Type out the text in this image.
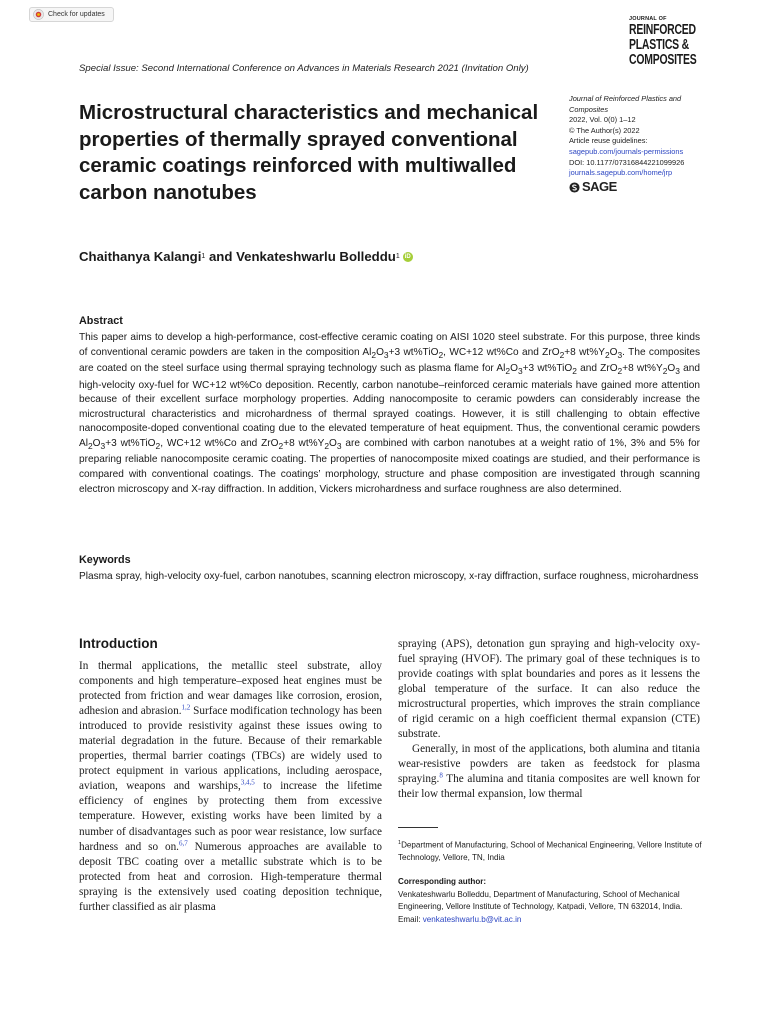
Check for updates
JOURNAL OF
REINFORCED
PLASTICS &
COMPOSITES
Special Issue: Second International Conference on Advances in Materials Research 2021 (Invitation Only)
Microstructural characteristics and mechanical properties of thermally sprayed conventional ceramic coatings reinforced with multiwalled carbon nanotubes
Journal of Reinforced Plastics and Composites
2022, Vol. 0(0) 1–12
© The Author(s) 2022
Article reuse guidelines:
sagepub.com/journals-permissions
DOI: 10.1177/07316844221099926
journals.sagepub.com/home/jrp
SAGE
Chaithanya Kalangi 1 and Venkateshwarlu Bolleddu 1 iD
Abstract
This paper aims to develop a high-performance, cost-effective ceramic coating on AISI 1020 steel substrate. For this purpose, three kinds of conventional ceramic powders are taken in the composition $Al_2O_3+3$ wt%TiO$_2$, WC+12 wt%Co and ZrO$_2$+8 $wt\%Y_2O_3$. The composites are coated on the steel surface using thermal spraying technology such as plasma flame for $Al_2O_3+3$ wt%TiO$_2$ and ZrO$_2$+8 $wt\%Y_2O_3$ and high-velocity oxy-fuel for WC+12 wt%Co deposition. Recently, carbon nanotube–reinforced ceramic materials have gained more attention because of their excellent surface morphology properties. Adding nanocomposite to ceramic powders can considerably increase the microstructural characteristics and microhardness of thermal sprayed coatings. However, it is still challenging to obtain effective nanocomposite-doped conventional coating due to the elevated temperature of heat equipment. Thus, the conventional ceramic powders $Al_2O_3+3$ wt%TiO$_2$, WC+12 wt%Co and ZrO$_2$+8 $wt\%Y_2O_3$ are combined with carbon nanotubes at a weight ratio of 1%, 3% and 5% for preparing reliable nanocomposite ceramic coating. The properties of nanocomposite mixed coatings are studied, and their performance is compared with conventional coatings. The coatings’ morphology, structure and phase composition are investigated through scanning electron microscopy and X-ray diffraction. In addition, Vickers microhardness and surface roughness are also determined.
Keywords
Plasma spray, high-velocity oxy-fuel, carbon nanotubes, scanning electron microscopy, x-ray diffraction, surface roughness, microhardness
Introduction

In thermal applications, the metallic steel substrate, alloy components and high temperature–exposed heat engines must be protected from friction and wear damages like corrosion, erosion, adhesion and abrasion.$^{1,2}$ Surface modification technology has been introduced to provide resistivity against these issues owing to material degradation in the future. Because of their remarkable properties, thermal barrier coatings (TBCs) are widely used to protect equipment in various applications, including aerospace, aviation, weapons and warships,$^{3,4,5}$ to increase the lifetime efficiency of engines by protecting them from excessive temperature. However, existing works have been limited by a number of disadvantages such as poor wear resistance, low surface hardness and so on.$^{6,7}$ Numerous approaches are available to deposit TBC coating over a metallic substrate which is to be protected from heat and corrosion. High-temperature thermal spraying is the extensively used coating deposition technique, further classified as air plasma

spraying (APS), detonation gun spraying and high-velocity oxy-fuel spraying (HVOF). The primary goal of these techniques is to provide coatings with splat boundaries and pores as it lessens the global temperature of the surface. It can also reduce the microstructural properties, which improves the strain compliance of rigid ceramic on a high coefficient thermal expansion (CTE) substrate.

Generally, in most of the applications, both alumina and titania wear-resistive powders are taken as feedstock for plasma spraying.$^8$ The alumina and titania composites are well known for their low thermal expansion, low thermal

$^1$Department of Manufacturing, School of Mechanical Engineering, Vellore Institute of Technology, Vellore, TN, India
Corresponding author:
Venkateshwarlu Bolleddu, Department of Manufacturing, School of Mechanical Engineering, Vellore Institute of Technology, Katpadi, Vellore, TN 632014, India.
Email: venkateshwarlu.b@vit.ac.in
